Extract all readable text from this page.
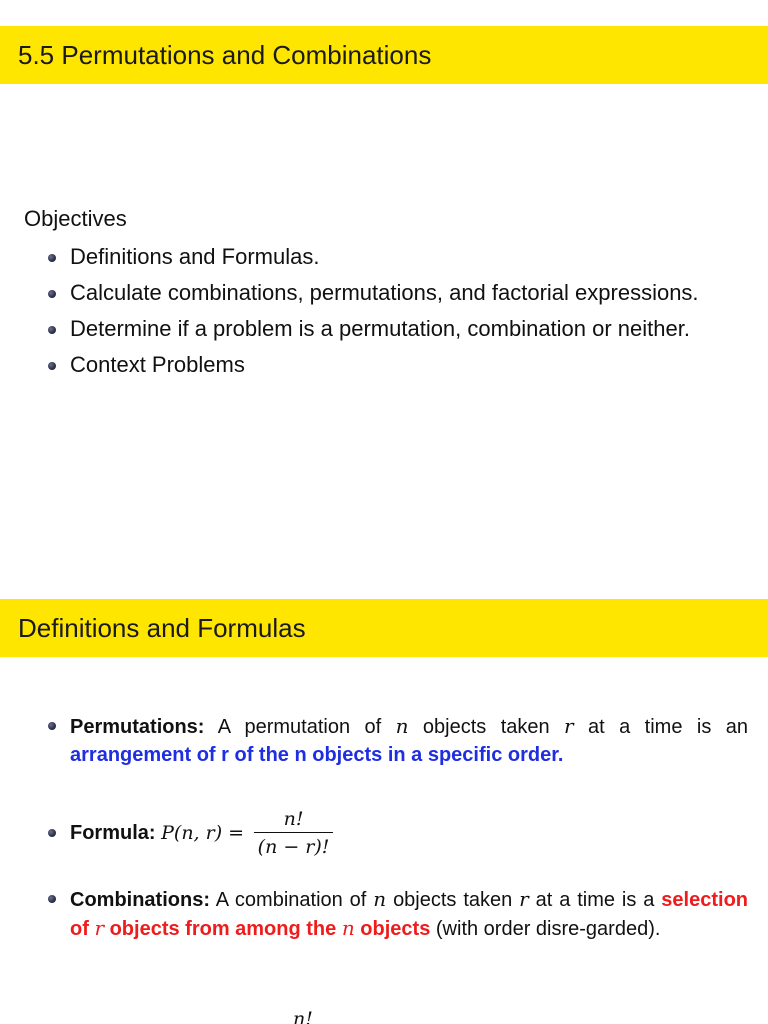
5.5 Permutations and Combinations
Objectives
Definitions and Formulas.
Calculate combinations, permutations, and factorial expressions.
Determine if a problem is a permutation, combination or neither.
Context Problems
Definitions and Formulas
Permutations: A permutation of n objects taken r at a time is an arrangement of r of the n objects in a specific order.
Formula: P(n, $r) = \frac{n!}{(n - r)!}$
Combinations: A combination of n objects taken r at a time is a selection of r objects from among the n objects (with order disre-garded).
n!
